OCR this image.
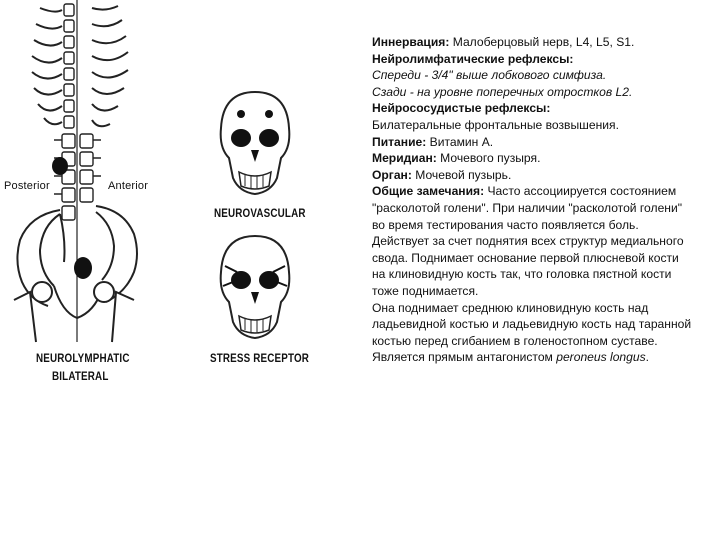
Posterior	Anterior
NEUROLYMPHATIC
BILATERAL
NEUROVASCULAR
STRESS RECEPTOR

Иннервация: Малоберцовый нерв, L4, L5, S1.

Нейролимфатические рефлексы:

Спереди - 3/4" выше лобкового симфиза.

Сзади - на уровне поперечных отростков L2.

Нейрососудистые рефлексы:

Билатеральные фронтальные возвышения.

Питание: Витамин А.

Меридиан: Мочевого пузыря.

Орган: Мочевой пузырь.

Общие замечания: Часто ассоциируется состоянием "расколотой голени". При наличии "расколотой голени" во время тестирования часто появляется боль. Действует за счет поднятия всех структур медиального свода. Поднимает основание первой плюсневой кости на клиновидную кость так, что головка пястной кости тоже поднимается.

Она поднимает среднюю клиновидную кость над ладьевидной костью и ладьевидную кость над таранной костью перед сгибанием в голеностопном суставе.

Является прямым антагонистом peroneus longus.
